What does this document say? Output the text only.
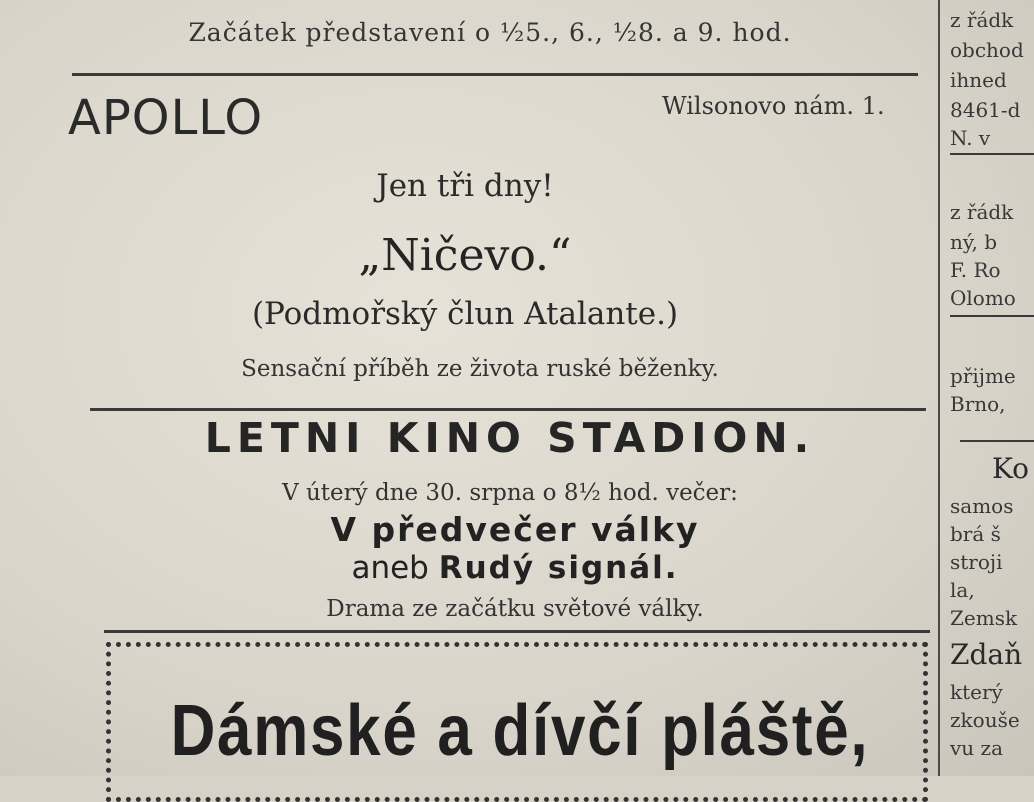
Začátek představení o ½5., 6., ½8. a 9. hod.
APOLLO	Wilsonovo nám. 1.
Jen tři dny!
„Ničevo.“
(Podmořský člun Atalante.)
Sensační příběh ze života ruské běženky.
LETNI KINO STADION.
V úterý dne 30. srpna o 8½ hod. večer:
V předvečer války
aneb Rudý signál.
Drama ze začátku světové války.
Dámské a dívčí pláště,
z řádk
obchod
ihned
8461-d
N. v
z řádk
ný, b
F. Ro
Olomo
přijme
Brno,
Ko
samos
brá š
stroji
la,
Zemsk
Zdaň
který
zkouše
vu za
